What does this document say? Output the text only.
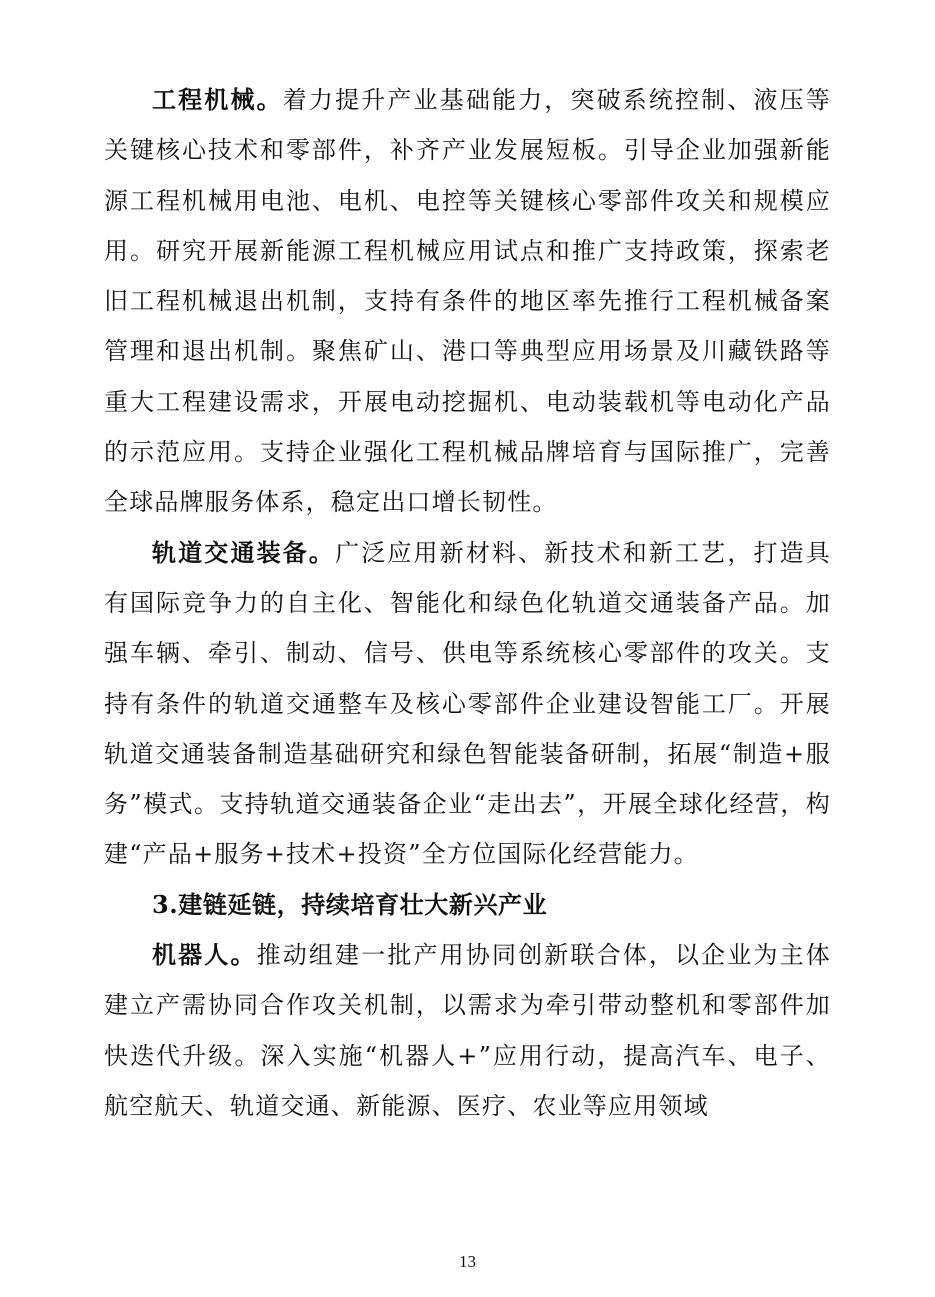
工程机械。着力提升产业基础能力，突破系统控制、液压等关键核心技术和零部件，补齐产业发展短板。引导企业加强新能源工程机械用电池、电机、电控等关键核心零部件攻关和规模应用。研究开展新能源工程机械应用试点和推广支持政策，探索老旧工程机械退出机制，支持有条件的地区率先推行工程机械备案管理和退出机制。聚焦矿山、港口等典型应用场景及川藏铁路等重大工程建设需求，开展电动挖掘机、电动装载机等电动化产品的示范应用。支持企业强化工程机械品牌培育与国际推广，完善全球品牌服务体系，稳定出口增长韧性。

轨道交通装备。广泛应用新材料、新技术和新工艺，打造具有国际竞争力的自主化、智能化和绿色化轨道交通装备产品。加强车辆、牵引、制动、信号、供电等系统核心零部件的攻关。支持有条件的轨道交通整车及核心零部件企业建设智能工厂。开展轨道交通装备制造基础研究和绿色智能装备研制，拓展“制造+服务”模式。支持轨道交通装备企业“走出去”，开展全球化经营，构建“产品+服务+技术+投资”全方位国际化经营能力。

3.建链延链，持续培育壮大新兴产业

机器人。推动组建一批产用协同创新联合体，以企业为主体建立产需协同合作攻关机制，以需求为牵引带动整机和零部件加快迭代升级。深入实施“机器人+”应用行动，提高汽车、电子、航空航天、轨道交通、新能源、医疗、农业等应用领域

13
